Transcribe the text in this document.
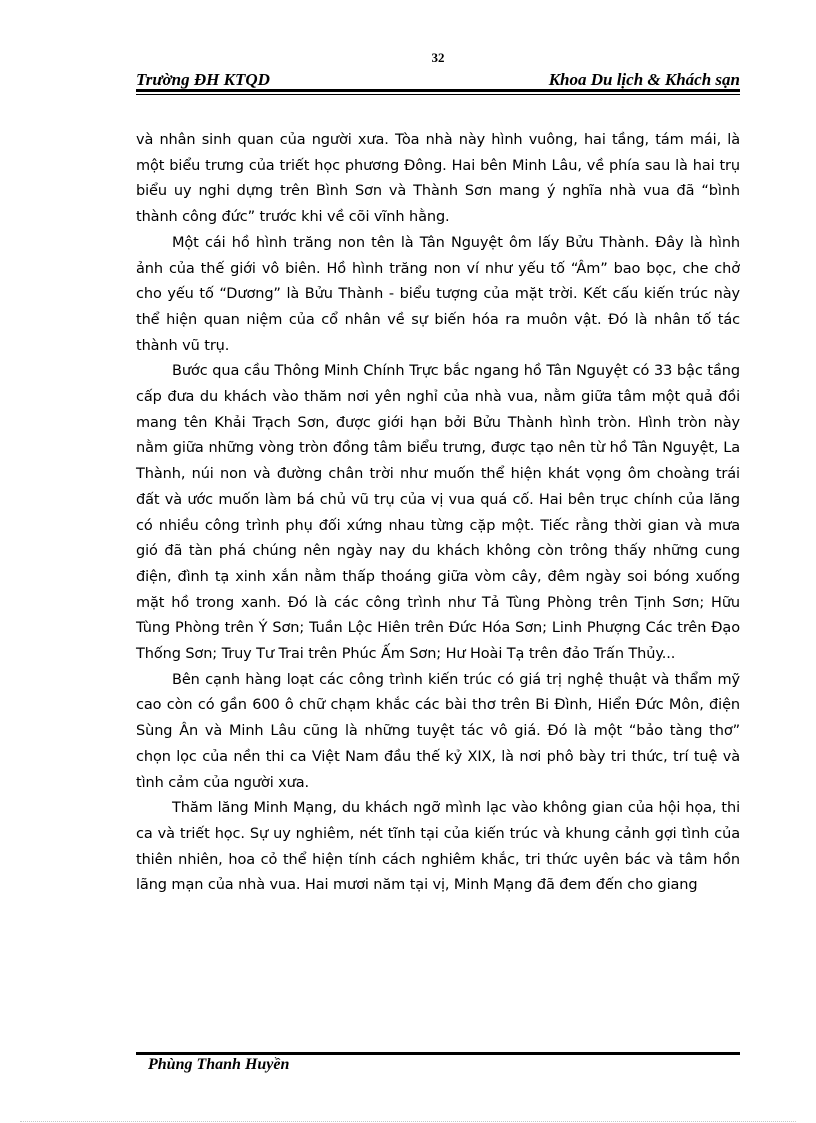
32
Trường ĐH KTQD	Khoa Du lịch & Khách sạn

và nhân sinh quan của người xưa. Tòa nhà này hình vuông, hai tầng, tám mái, là một biểu trưng của triết học phương Đông. Hai bên Minh Lâu, về phía sau là hai trụ biểu uy nghi dựng trên Bình Sơn và Thành Sơn mang ý nghĩa nhà vua đã “bình thành công đức” trước khi về cõi vĩnh hằng.

Một cái hồ hình trăng non tên là Tân Nguyệt ôm lấy Bửu Thành. Đây là hình ảnh của thế giới vô biên. Hồ hình trăng non ví như yếu tố “Âm” bao bọc, che chở cho yếu tố “Dương” là Bửu Thành - biểu tượng của mặt trời. Kết cấu kiến trúc này thể hiện quan niệm của cổ nhân về sự biến hóa ra muôn vật. Đó là nhân tố tác thành vũ trụ.

Bước qua cầu Thông Minh Chính Trực bắc ngang hồ Tân Nguyệt có 33 bậc tầng cấp đưa du khách vào thăm nơi yên nghỉ của nhà vua, nằm giữa tâm một quả đồi mang tên Khải Trạch Sơn, được giới hạn bởi Bửu Thành hình tròn. Hình tròn này nằm giữa những vòng tròn đồng tâm biểu trưng, được tạo nên từ hồ Tân Nguyệt, La Thành, núi non và đường chân trời như muốn thể hiện khát vọng ôm choàng trái đất và ước muốn làm bá chủ vũ trụ của vị vua quá cố. Hai bên trục chính của lăng có nhiều công trình phụ đối xứng nhau từng cặp một. Tiếc rằng thời gian và mưa gió đã tàn phá chúng nên ngày nay du khách không còn trông thấy những cung điện, đình tạ xinh xắn nằm thấp thoáng giữa vòm cây, đêm ngày soi bóng xuống mặt hồ trong xanh. Đó là các công trình như Tả Tùng Phòng trên Tịnh Sơn; Hữu Tùng Phòng trên Ý Sơn; Tuần Lộc Hiên trên Đức Hóa Sơn; Linh Phượng Các trên Đạo Thống Sơn; Truy Tư Trai trên Phúc Ấm Sơn; Hư Hoài Tạ trên đảo Trấn Thủy...

Bên cạnh hàng loạt các công trình kiến trúc có giá trị nghệ thuật và thẩm mỹ cao còn có gần 600 ô chữ chạm khắc các bài thơ trên Bi Đình, Hiển Đức Môn, điện Sùng Ân và Minh Lâu cũng là những tuyệt tác vô giá. Đó là một “bảo tàng thơ” chọn lọc của nền thi ca Việt Nam đầu thế kỷ XIX, là nơi phô bày tri thức, trí tuệ và tình cảm của người xưa.

Thăm lăng Minh Mạng, du khách ngỡ mình lạc vào không gian của hội họa, thi ca và triết học. Sự uy nghiêm, nét tĩnh tại của kiến trúc và khung cảnh gợi tình của thiên nhiên, hoa cỏ thể hiện tính cách nghiêm khắc, tri thức uyên bác và tâm hồn lãng mạn của nhà vua. Hai mươi năm tại vị, Minh Mạng đã đem đến cho giang

Phùng Thanh Huyền
